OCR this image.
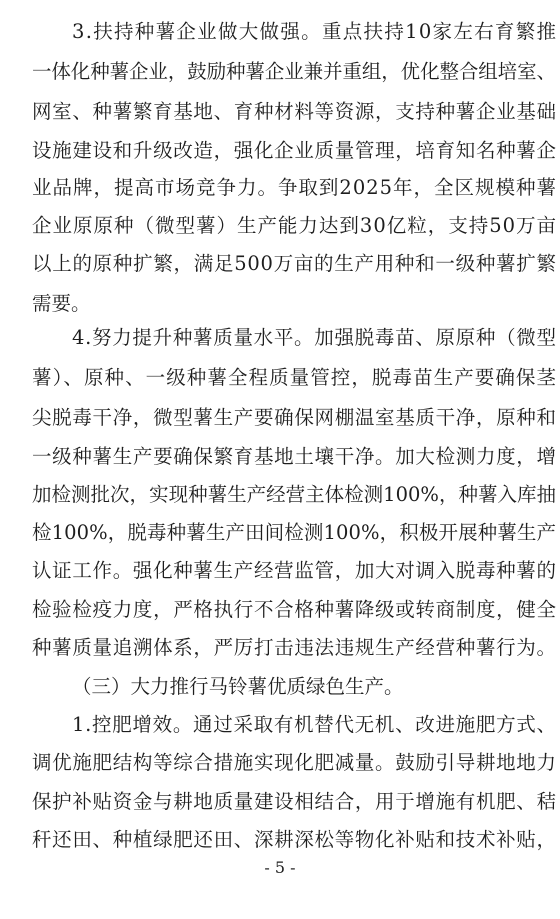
3.扶持种薯企业做大做强。重点扶持10家左右育繁推
一体化种薯企业，鼓励种薯企业兼并重组，优化整合组培室、
网室、种薯繁育基地、育种材料等资源，支持种薯企业基础
设施建设和升级改造，强化企业质量管理，培育知名种薯企
业品牌，提高市场竞争力。争取到2025年，全区规模种薯
企业原原种（微型薯）生产能力达到30亿粒，支持50万亩
以上的原种扩繁，满足500万亩的生产用种和一级种薯扩繁
需要。
4.努力提升种薯质量水平。加强脱毒苗、原原种（微型
薯）、原种、一级种薯全程质量管控，脱毒苗生产要确保茎
尖脱毒干净，微型薯生产要确保网棚温室基质干净，原种和
一级种薯生产要确保繁育基地土壤干净。加大检测力度，增
加检测批次，实现种薯生产经营主体检测100%，种薯入库抽
检100%，脱毒种薯生产田间检测100%，积极开展种薯生产
认证工作。强化种薯生产经营监管，加大对调入脱毒种薯的
检验检疫力度，严格执行不合格种薯降级或转商制度，健全
种薯质量追溯体系，严厉打击违法违规生产经营种薯行为。
（三）大力推行马铃薯优质绿色生产。
1.控肥增效。通过采取有机替代无机、改进施肥方式、
调优施肥结构等综合措施实现化肥减量。鼓励引导耕地地力
保护补贴资金与耕地质量建设相结合，用于增施有机肥、秸
秆还田、种植绿肥还田、深耕深松等物化补贴和技术补贴，
- 5 -
